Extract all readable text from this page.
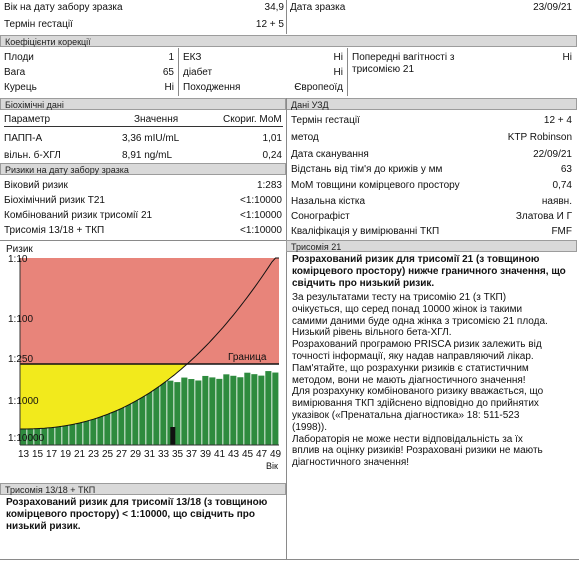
Вік на дату забору зразка	34,9 Дата зразка	23/09/21
Термін гестації	12 + 5
Коефіцієнти корекції
Плоди	1
Вага	65
Курець	Ні
ЕКЗ	Ні
діабет	Ні
Походження	Європеоїд
Попередні вагітності з трисомією 21
Ні
Біохімічні дані	Дані УЗД
Параметр	Значення	Скориг. МоМ
ПАПП-А	3,36 mIU/mL	1,01
вільн. б-ХГЛ	8,91 ng/mL	0,24
Ризики на дату забору зразка
Віковий ризик	1:283
Біохімічний ризик Т21	<1:10000
Комбінований ризик трисомії 21	<1:10000
Трисомія 13/18 + ТКП	<1:10000
Термін гестації	12 + 4
метод	KTP Robinson
Дата сканування	22/09/21
Відстань від тім'я до крижів у мм	63
МоМ товщини комірцевого простору	0,74
Назальна кістка	наявн.
Сонографіст	Златова И Г
Кваліфікація у вимірюванні ТКП	FMF
Ризик
1:10
1:100
1:250
1:1000
1:10000
13 15 17 19 21 23 25 27 29 31 33 35 37 39 41 43 45 47 49
Граница
Вік
Трисомія 13/18 + ТКП
Розрахований ризик для трисомії 13/18 (з товщиною комірцевого простору) < 1:10000, що свідчить про низький ризик.
Трисомія 21
Розрахований ризик для трисомії 21 (з товщиною комірцевого простору) нижче граничного значення, що свідчить про низький ризик.
За результатами тесту на трисомію 21 (з ТКП)
очікується, що серед понад 10000 жінок із такими
самими даними буде одна жінка з трисомією 21 плода.
Низький рівень вільного бета-ХГЛ.
Розрахований програмою PRISCA ризик залежить від
точності інформації, яку надав направляючий лікар.
Пам'ятайте, що розрахунки ризиків є статистичним
методом, вони не мають діагностичного значення!
Для розрахунку комбінованого ризику вважається, що
вимірювання ТКП здійснено відповідно до прийнятих
указівок («Пренатальна діагностика» 18: 511-523
(1998)).
Лабораторія не може нести відповідальність за їх
вплив на оцінку ризиків! Розраховані ризики не мають
діагностичного значення!
